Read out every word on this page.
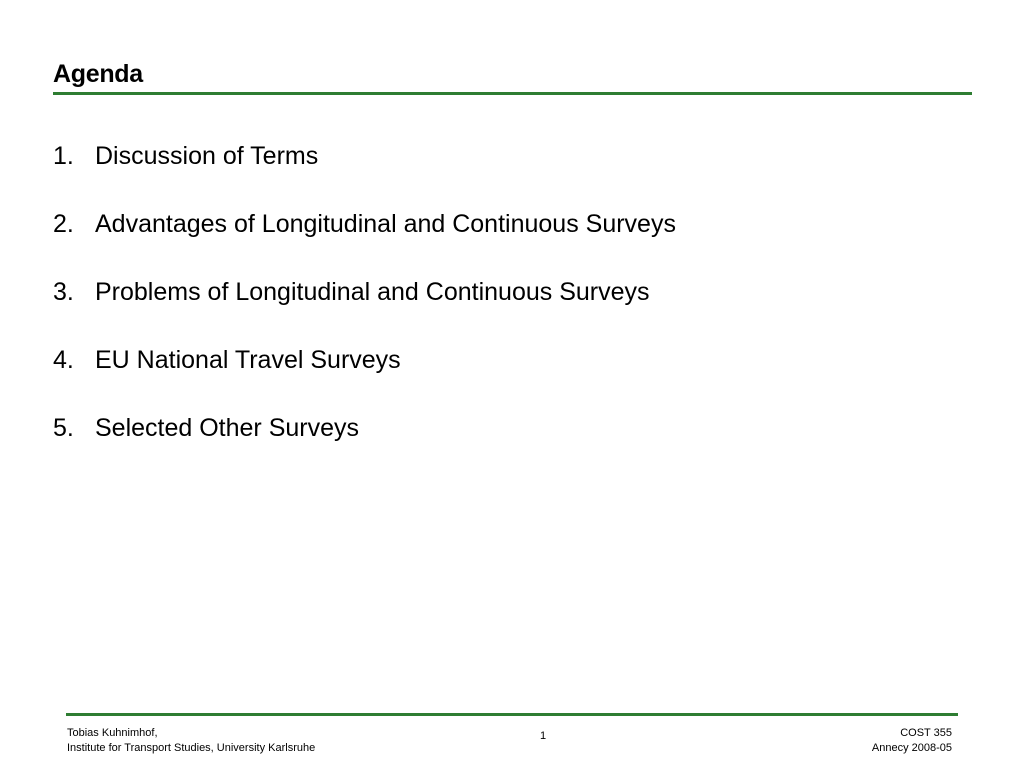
Agenda
1. Discussion of Terms
2. Advantages of Longitudinal and Continuous Surveys
3. Problems of Longitudinal and Continuous Surveys
4. EU National Travel Surveys
5. Selected Other Surveys
Tobias Kuhnimhof,
Institute for Transport Studies, University Karlsruhe
1	COST 355
Annecy 2008-05
